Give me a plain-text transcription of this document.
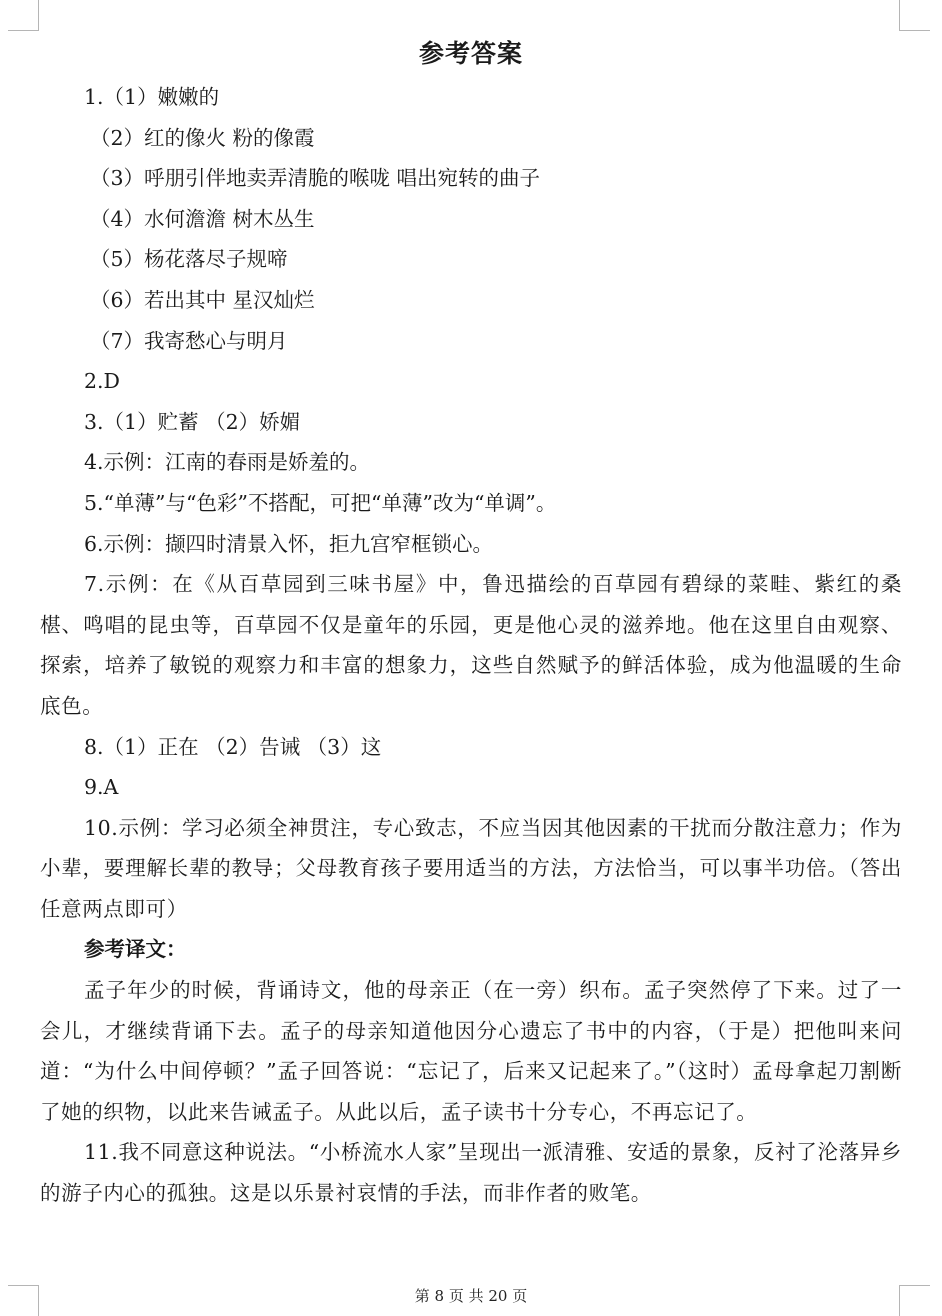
参考答案
1.（1）嫩嫩的
（2）红的像火 粉的像霞
（3）呼朋引伴地卖弄清脆的喉咙 唱出宛转的曲子
（4）水何澹澹 树木丛生
（5）杨花落尽子规啼
（6）若出其中 星汉灿烂
（7）我寄愁心与明月
2.D
3.（1）贮蓄 （2）娇媚
4.示例：江南的春雨是娇羞的。
5.“单薄”与“色彩”不搭配，可把“单薄”改为“单调”。
6.示例：撷四时清景入怀，拒九宫窄框锁心。
7.示例：在《从百草园到三味书屋》中，鲁迅描绘的百草园有碧绿的菜畦、紫红的桑椹、鸣唱的昆虫等，百草园不仅是童年的乐园，更是他心灵的滋养地。他在这里自由观察、探索，培养了敏锐的观察力和丰富的想象力，这些自然赋予的鲜活体验，成为他温暖的生命底色。
8.（1）正在 （2）告诫 （3）这
9.A
10.示例：学习必须全神贯注，专心致志，不应当因其他因素的干扰而分散注意力；作为小辈，要理解长辈的教导；父母教育孩子要用适当的方法，方法恰当，可以事半功倍。（答出任意两点即可）
参考译文：
孟子年少的时候，背诵诗文，他的母亲正（在一旁）织布。孟子突然停了下来。过了一会儿，才继续背诵下去。孟子的母亲知道他因分心遗忘了书中的内容，（于是）把他叫来问道：“为什么中间停顿？”孟子回答说：“忘记了，后来又记起来了。”（这时）孟母拿起刀割断了她的织物，以此来告诫孟子。从此以后，孟子读书十分专心，不再忘记了。
11.我不同意这种说法。“小桥流水人家”呈现出一派清雅、安适的景象，反衬了沦落异乡的游子内心的孤独。这是以乐景衬哀情的手法，而非作者的败笔。
第 8 页 共 20 页
